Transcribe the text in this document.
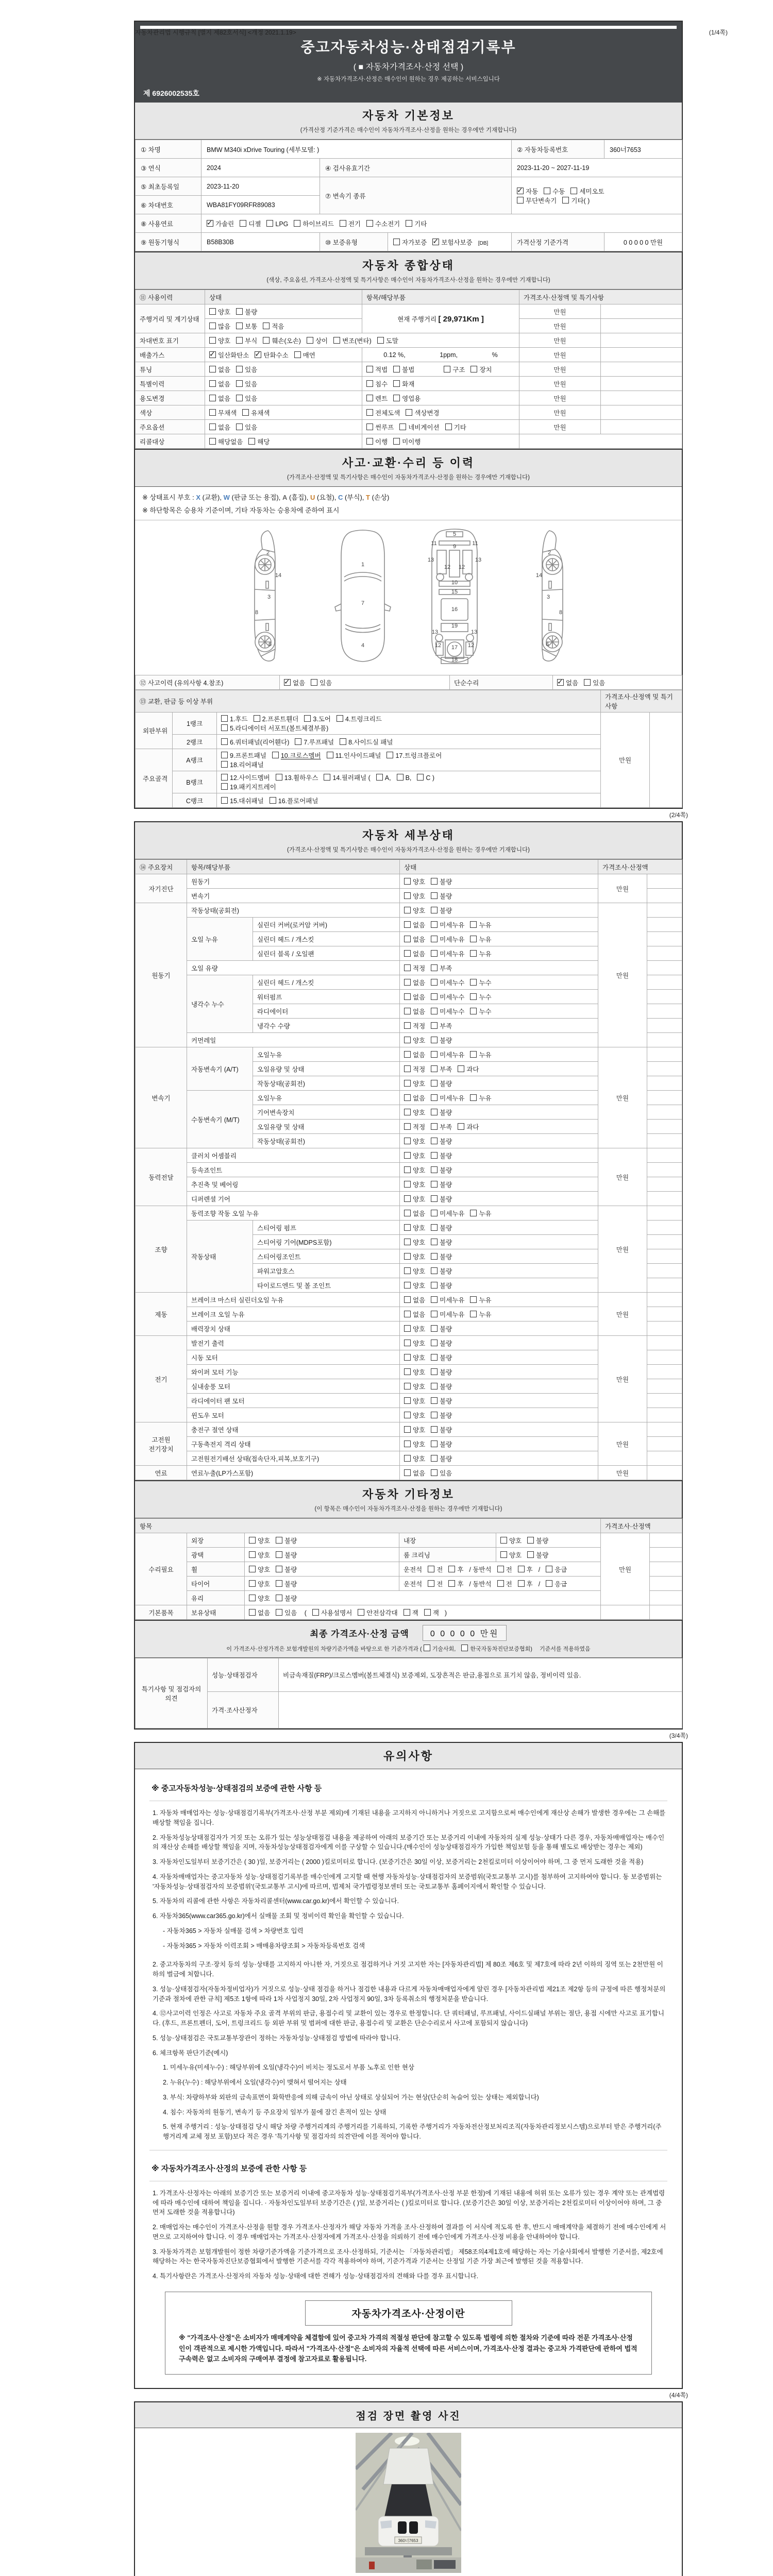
자동차관리법 시행규칙 [별지 제82호서식] <개정 2021.1.19>	(1/4쪽)
중고자동차성능·상태점검기록부
( ■ 자동차가격조사·산정 선택 )
※ 자동차가격조사·산정은 매수인이 원하는 경우 제공하는 서비스입니다
제 6926002535호
자동차 기본정보
(가격산정 기준가격은 매수인이 자동차가격조사·산정을 원하는 경우에만 기재합니다)
① 차명	BMW M340i xDrive Touring (세부모델: )			② 자동차등록번호	360너7653
③ 연식	2024	④ 검사유효기간		2023-11-20 ~ 2027-11-19	
⑤ 최초등록일	2023-11-20	⑦ 변속기 종류	✓자동 수동 세미오토
무단변속기 기타( )
⑥ 차대번호	WBA81FY09RFR89083				
⑧ 사용연료	✓가솔린 디젤 LPG 하이브리드 전기 수소전기 기타
⑨ 원동기형식	B58B30B	⑩ 보증유형	자가보증 ✓ 보험사보증 [DB]	가격산정 기준가격	0 0 0 0 0 만원
자동차 종합상태
(색상, 주요옵션, 가격조사·산정액 및 특기사항은 매수인이 자동차가격조사·산정을 원하는 경우에만 기재합니다)
⑪ 사용이력	상태	항목/해당부품	가격조사·산정액 및 특기사항	
주행거리 및 계기상태	양호 불량	현재 주행거리 [ 29,971Km ]	만원	
	많음 보통 적음		만원	
차대번호 표기	양호 부식 훼손(오손) 상이 변조(변타) 도말		만원	
배출가스	✓일산화탄소 ✓ 탄화수소 매연	0.12 %, 1ppm, %	만원	
튜닝	없음 있음	적법 불법 구조 장치	만원	
특별이력	없음 있음	침수 화재	만원	
용도변경	없음 있음	렌트 영업용	만원	
색상	무채색 유채색	전체도색 색상변경	만원	
주요옵션	없음 있음	썬루프 네비게이션 기타	만원	
리콜대상	해당없음 해당	이행 미이행		
사고·교환·수리 등 이력
(가격조사·산정액 및 특기사항은 매수인이 자동차가격조사·산정을 원하는 경우에만 기재합니다)
※ 상태표시 부호 : X (교환), W (판금 또는 용접), A (흠집), U (요철), C (부식), T (손상)
※ 하단항목은 승용차 기준이며, 기타 자동차는 승용차에 준하여 표시
2
14
3
8
6
1
7
4
5
9
11	11
13	13
12 12
10
15
16
19
13	13
12	12
17
18
2
14
3
8
6
⑫ 사고이력 (유의사항 4.참조)	✓없음 있음	단순수리	✓없음 있음
⑬ 교환, 판금 등 이상 부위			가격조사·산정액 및 특기사항	
외판부위	1랭크	1.후드 2.프론트휀더 3.도어 4.트렁크리드
5.라디에이터 서포트(볼트체결부품)	만원	
	2랭크	6.쿼터패널(리어휀다) 7.루프패널 8.사이드실 패널		
주요골격	A랭크	9.프론트패널 10.크로스멤버 11.인사이드패널 17.트렁크플로어
18.리어패널		
	B랭크	12.사이드멤버 13.휠하우스 14.필러패널 ( A, B, C )
19.패키지트레이		
	C랭크	15.대쉬패널 16.플로어패널		
(2/4쪽)
자동차 세부상태
(가격조사·산정액 및 특기사항은 매수인이 자동차가격조사·산정을 원하는 경우에만 기재합니다)
⑭ 주요장치	항목/해당부품		상태	가격조사·산정액	
자기진단	원동기		양호 불량	만원	
	변속기		양호 불량		
원동기	작동상태(공회전)		양호 불량	만원	
	오일 누유	실린더 커버(로커암 커버)	없음 미세누유 누유		
		실린더 헤드 / 개스킷	없음 미세누유 누유		
		실린더 블록 / 오일팬	없음 미세누유 누유		
	오일 유량		적정 부족		
	냉각수 누수	실린더 헤드 / 개스킷	없음 미세누수 누수		
		워터펌프	없음 미세누수 누수		
		라디에이터	없음 미세누수 누수		
		냉각수 수량	적정 부족		
	커먼레일		양호 불량		
변속기	자동변속기 (A/T)	오일누유	없음 미세누유 누유	만원	
		오일유량 및 상태	적정 부족 과다		
		작동상태(공회전)	양호 불량		
	수동변속기 (M/T)	오일누유	없음 미세누유 누유		
		기어변속장치	양호 불량		
		오일유량 및 상태	적정 부족 과다		
		작동상태(공회전)	양호 불량		
동력전달	클러치 어셈블리		양호 불량	만원	
	등속죠인트		양호 불량		
	추진축 및 베어링		양호 불량		
	디퍼렌셜 기어		양호 불량		
조향	동력조향 작동 오일 누유		없음 미세누유 누유	만원	
	작동상태	스티어링 펌프	양호 불량		
		스티어링 기어(MDPS포함)	양호 불량		
		스티어링조인트	양호 불량		
		파워고압호스	양호 불량		
		타이로드엔드 및 볼 조인트	양호 불량		
제동	브레이크 마스터 실린더오일 누유		없음 미세누유 누유	만원	
	브레이크 오일 누유		없음 미세누유 누유		
	배력장치 상태		양호 불량		
전기	발전기 출력		양호 불량	만원	
	시동 모터		양호 불량		
	와이퍼 모터 기능		양호 불량		
	실내송풍 모터		양호 불량		
	라디에이터 팬 모터		양호 불량		
	윈도우 모터		양호 불량		
고전원 전기장치	충전구 절연 상태		양호 불량	만원	
	구동축전지 격리 상태		양호 불량		
	고전원전기배선 상태(접속단자,피복,보호기구)		양호 불량		
연료	연료누출(LP가스포함)		없음 있음	만원	
자동차 기타정보
(이 항목은 매수인이 자동차가격조사·산정을 원하는 경우에만 기재합니다)
항목					가격조사·산정액	
수리필요	외장	양호 불량	내장	양호 불량	만원	
	광택	양호 불량	룸 크리닝	양호 불량		
	휠	양호 불량	운전석 전 후 / 동반석 전 후 / 응급			
	타이어	양호 불량	운전석 전 후 / 동반석 전 후 / 응급			
	유리	양호 불량				
기본품목	보유상태	없음 있음 ( 사용설명서 안전삼각대 잭 잭 )				
최종 가격조사·산정 금액	0 0 0 0 0 만원
이 가격조사·산정가격은 보험개발원의 차량기준가액을 바탕으로 한 기준가격과 ( 기술사회,	한국자동차진단보증협회) 기준서를 적용하였음
특기사항 및 점검자의 의견	성능·상태점검자	비금속재질(FRP)/크로스멤버(볼트체결식) 보증제외, 도장흔적은 판금,용접으로 표기치 않음, 정비이력 있음.
	가격·조사산정자	
(3/4쪽)
유의사항
※ 중고자동차성능·상태점검의 보증에 관한 사항 등
1. 자동차 매매업자는 성능·상태점검기록부(가격조사·산정 부분 제외)에 기재된 내용을 고지하지 아니하거나 거짓으로 고지함으로써 매수인에게 재산상 손해가 발생한 경우에는 그 손해를 배상할 책임을 집니다.
2. 자동차성능상태점검자가 거짓 또는 오류가 있는 성능상태점검 내용을 제공하여 아래의 보증기간 또는 보증거리 이내에 자동차의 실제 성능·상태가 다른 경우, 자동차매매업자는 매수인의 재산상 손해를 배상할 책임을 지며, 자동차성능상태점검자에게 이를 구상할 수 있습니다.(매수인이 성능상태점검자가 가입한 책임보험 등을 통해 별도로 배상받는 경우는 제외)
3. 자동차인도일부터 보증기간은 ( 30 )일, 보증거리는 ( 2000 )킬로미터로 합니다. (보증기간은 30일 이상, 보증거리는 2천킬로미터 이상이어야 하며, 그 중 먼저 도래한 것을 적용)
4. 자동차매매업자는 중고자동차 성능·상태점검기록부를 매수인에게 고지할 때 현행 자동차성능·상태점검자의 보증범위(국토교통부 고시)를 첨부하여 고지하여야 합니다. 동 보증범위는 '자동차성능·상태점검자의 보증범위'(국토교통부 고시)에 따르며, 법제처 국가법령정보센터 또는 국토교통부 홈페이지에서 확인할 수 있습니다.
5. 자동차의 리콜에 관한 사항은 자동차리콜센터(www.car.go.kr)에서 확인할 수 있습니다.
6. 자동차365(www.car365.go.kr)에서 실매물 조회 및 정비이력 확인을 확인할 수 있습니다.
- 자동차365 > 자동차 실매물 검색 > 차량번호 입력
- 자동차365 > 자동차 이력조회 > 매매용차량조회 > 자동차등록번호 검색
2. 중고자동차의 구조·장치 등의 성능·상태를 고지하지 아니한 자, 거짓으로 점검하거나 거짓 고지한 자는 [자동차관리법] 제 80조 제6호 및 제7호에 따라 2년 이하의 징역 또는 2천만원 이하의 벌금에 처합니다.
3. 성능·상태점검자(자동차정비업자)가 거짓으로 성능·상태 점검을 하거나 점검한 내용과 다르게 자동차매매업자에게 알린 경우 [자동차관리법 제21조 제2항 등의 규정에 따른 행정처분의 기준과 절차에 관한 규칙] 제5조 1항에 따라 1차 사업정지 30일, 2차 사업정지 90일, 3차 등록취소의 행정처분을 받습니다.
4. ⑫사고이력 인정은 사고로 자동차 주요 골격 부위의 판금, 용접수리 및 교환이 있는 경우로 한정합니다. 단 쿼터패널, 루프패널, 사이드실패널 부위는 절단, 용접 시에만 사고로 표기합니다. (후드, 프론트펜더, 도어, 트렁크리드 등 외판 부위 및 범퍼에 대한 판금, 용접수리 및 교환은 단순수리로서 사고에 포함되지 않습니다)
5. 성능·상태점검은 국토교통부장관이 정하는 자동차성능·상태점검 방법에 따라야 합니다.
6. 체크항목 판단기준(예시)
1. 미세누유(미세누수) : 해당부위에 오일(냉각수)이 비치는 정도로서 부품 노후로 인한 현상
2. 누유(누수) : 해당부위에서 오일(냉각수)이 맺혀서 떨어지는 상태
3. 부식: 차량하부와 외판의 금속표면이 화학반응에 의해 금속이 아닌 상태로 상실되어 가는 현상(단순히 녹슬어 있는 상태는 제외합니다)
4. 침수: 자동차의 원동기, 변속기 등 주요장치 일부가 물에 잠긴 흔적이 있는 상태
5. 현재 주행거리 : 성능·상태점검 당시 해당 차량 주행거리계의 주행거리를 기록하되, 기록한 주행거리가 자동차전산정보처리조직(자동차관리정보시스템)으로부터 받은 주행거리(주행거리계 교체 정보 포함)보다 적은 경우 '특기사항 및 점검자의 의견'란에 이를 적어야 합니다.
※ 자동차가격조사·산정의 보증에 관한 사항 등
1. 가격조사·산정자는 아래의 보증기간 또는 보증거리 이내에 중고자동차 성능·상태점검기록부(가격조사·산정 부분 한정)에 기재된 내용에 허위 또는 오류가 있는 경우 계약 또는 관계법령에 따라 매수인에 대하여 책임을 집니다. · 자동차인도일부터 보증기간은 ( )일, 보증거리는 ( )킬로미터로 합니다. (보증기간은 30일 이상, 보증거리는 2천킬로미터 이상이어야 하며, 그 중 먼저 도래한 것을 적용합니다)
2. 매매업자는 매수인이 가격조사·산정을 원할 경우 가격조사·산정자가 해당 자동차 가격을 조사·산정하여 결과를 이 서식에 적도록 한 후, 반드시 매매계약을 체결하기 전에 매수인에게 서면으로 고지하여야 합니다. 이 경우 매매업자는 가격조사·산정자에게 가격조사·산정을 의뢰하기 전에 매수인에게 가격조사·산정 비용을 안내하여야 합니다.
3. 자동차가격은 보험개발원이 정한 차량기준가액을 기준가격으로 조사·산정하되, 기준서는 「자동차관리법」 제58조의4제1호에 해당하는 자는 기술사회에서 발행한 기준서를, 제2호에 해당하는 자는 한국자동차진단보증협회에서 발행한 기준서를 각각 적용하여야 하며, 기준가격과 기준서는 산정일 기준 가장 최근에 발행된 것을 적용합니다.
4. 특기사항란은 가격조사·산정자의 자동차 성능·상태에 대한 견해가 성능·상태점검자의 견해와 다를 경우 표시합니다.
자동차가격조사·산정이란
※ "가격조사·산정"은 소비자가 매매계약을 체결함에 있어 중고차 가격의 적절성 판단에 참고할 수 있도록 법령에 의한 절차와 기준에 따라 전문 가격조사·산정인이 객관적으로 제시한 가액입니다. 따라서 "가격조사·산정"은 소비자의 자율적 선택에 따른 서비스이며, 가격조사·산정 결과는 중고차 가격판단에 관하여 법적 구속력은 없고 소비자의 구매여부 결정에 참고자료로 활용됩니다.
(4/4쪽)
점검 장면 촬영 사진
360너7653
